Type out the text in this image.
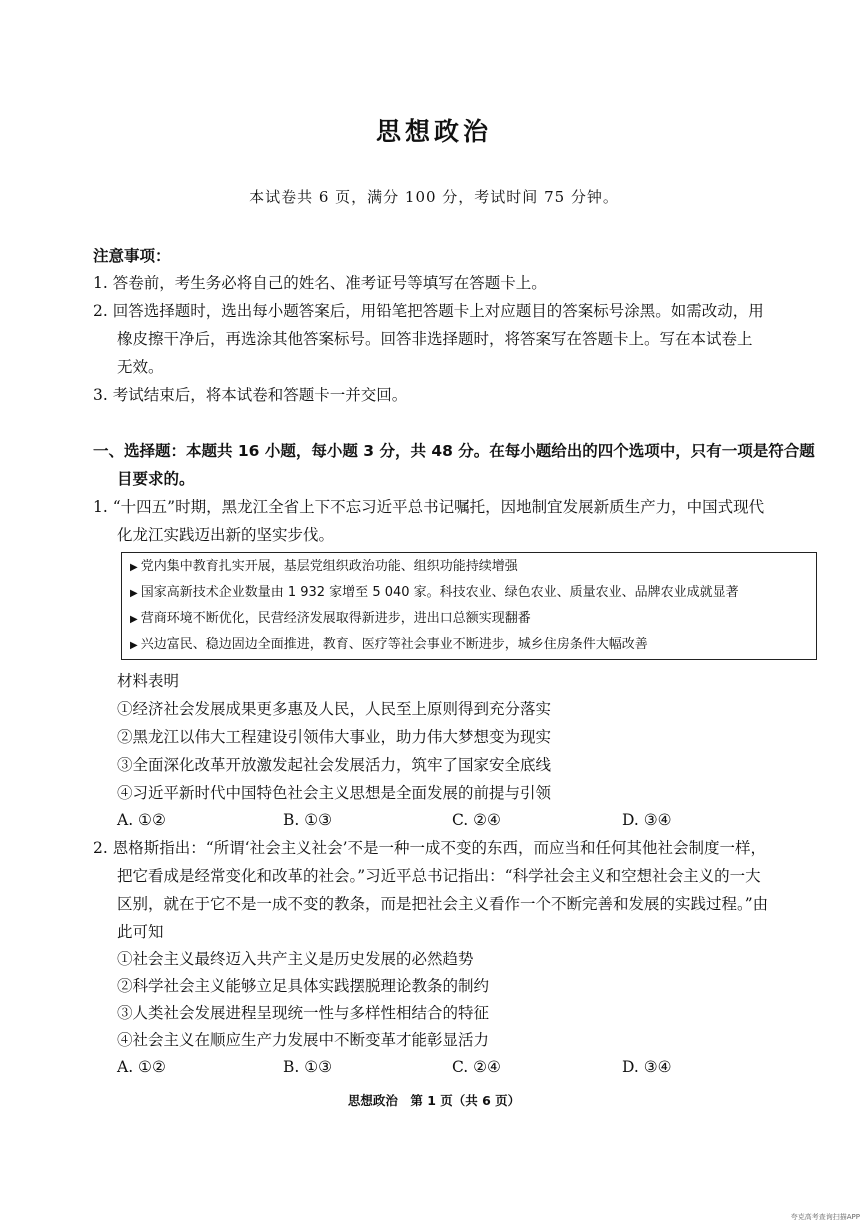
思想政治
本试卷共 6 页，满分 100 分，考试时间 75 分钟。
注意事项：
1. 答卷前，考生务必将自己的姓名、准考证号等填写在答题卡上。
2. 回答选择题时，选出每小题答案后，用铅笔把答题卡上对应题目的答案标号涂黑。如需改动，用
橡皮擦干净后，再选涂其他答案标号。回答非选择题时，将答案写在答题卡上。写在本试卷上
无效。
3. 考试结束后，将本试卷和答题卡一并交回。
一、选择题：本题共 16 小题，每小题 3 分，共 48 分。在每小题给出的四个选项中，只有一项是符合题
目要求的。
1. “十四五”时期，黑龙江全省上下不忘习近平总书记嘱托，因地制宜发展新质生产力，中国式现代
化龙江实践迈出新的坚实步伐。
▶ 党内集中教育扎实开展，基层党组织政治功能、组织功能持续增强
▶ 国家高新技术企业数量由 1 932 家增至 5 040 家。科技农业、绿色农业、质量农业、品牌农业成就显著
▶ 营商环境不断优化，民营经济发展取得新进步，进出口总额实现翻番
▶ 兴边富民、稳边固边全面推进，教育、医疗等社会事业不断进步，城乡住房条件大幅改善
材料表明
①经济社会发展成果更多惠及人民，人民至上原则得到充分落实
②黑龙江以伟大工程建设引领伟大事业，助力伟大梦想变为现实
③全面深化改革开放激发起社会发展活力，筑牢了国家安全底线
④习近平新时代中国特色社会主义思想是全面发展的前提与引领
A. ①②	B. ①③	C. ②④	D. ③④
2. 恩格斯指出：“所谓‘社会主义社会’不是一种一成不变的东西，而应当和任何其他社会制度一样，
把它看成是经常变化和改革的社会。”习近平总书记指出：“科学社会主义和空想社会主义的一大
区别，就在于它不是一成不变的教条，而是把社会主义看作一个不断完善和发展的实践过程。”由
此可知
①社会主义最终迈入共产主义是历史发展的必然趋势
②科学社会主义能够立足具体实践摆脱理论教条的制约
③人类社会发展进程呈现统一性与多样性相结合的特征
④社会主义在顺应生产力发展中不断变革才能彰显活力
A. ①②	B. ①③	C. ②④	D. ③④
思想政治　第 1 页（共 6 页）
夸克高考查询扫描APP
